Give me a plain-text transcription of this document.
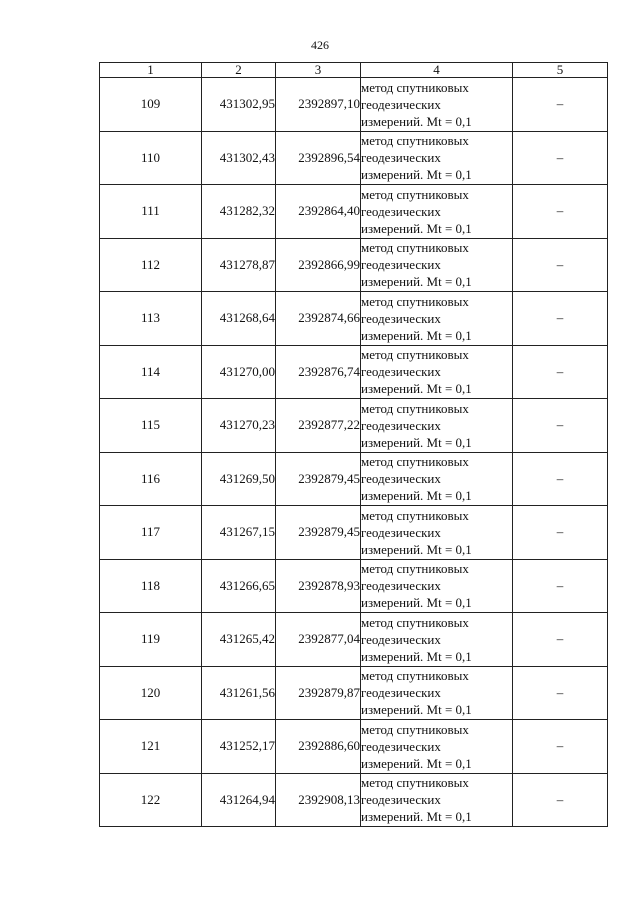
426
1	2	3	4	5
109	431302,95	2392897,10	метод спутниковых
геодезических
измерений. Mt = 0,1	–
110	431302,43	2392896,54	метод спутниковых
геодезических
измерений. Mt = 0,1	–
111	431282,32	2392864,40	метод спутниковых
геодезических
измерений. Mt = 0,1	–
112	431278,87	2392866,99	метод спутниковых
геодезических
измерений. Mt = 0,1	–
113	431268,64	2392874,66	метод спутниковых
геодезических
измерений. Mt = 0,1	–
114	431270,00	2392876,74	метод спутниковых
геодезических
измерений. Mt = 0,1	–
115	431270,23	2392877,22	метод спутниковых
геодезических
измерений. Mt = 0,1	–
116	431269,50	2392879,45	метод спутниковых
геодезических
измерений. Mt = 0,1	–
117	431267,15	2392879,45	метод спутниковых
геодезических
измерений. Mt = 0,1	–
118	431266,65	2392878,93	метод спутниковых
геодезических
измерений. Mt = 0,1	–
119	431265,42	2392877,04	метод спутниковых
геодезических
измерений. Mt = 0,1	–
120	431261,56	2392879,87	метод спутниковых
геодезических
измерений. Mt = 0,1	–
121	431252,17	2392886,60	метод спутниковых
геодезических
измерений. Mt = 0,1	–
122	431264,94	2392908,13	метод спутниковых
геодезических
измерений. Mt = 0,1	–
